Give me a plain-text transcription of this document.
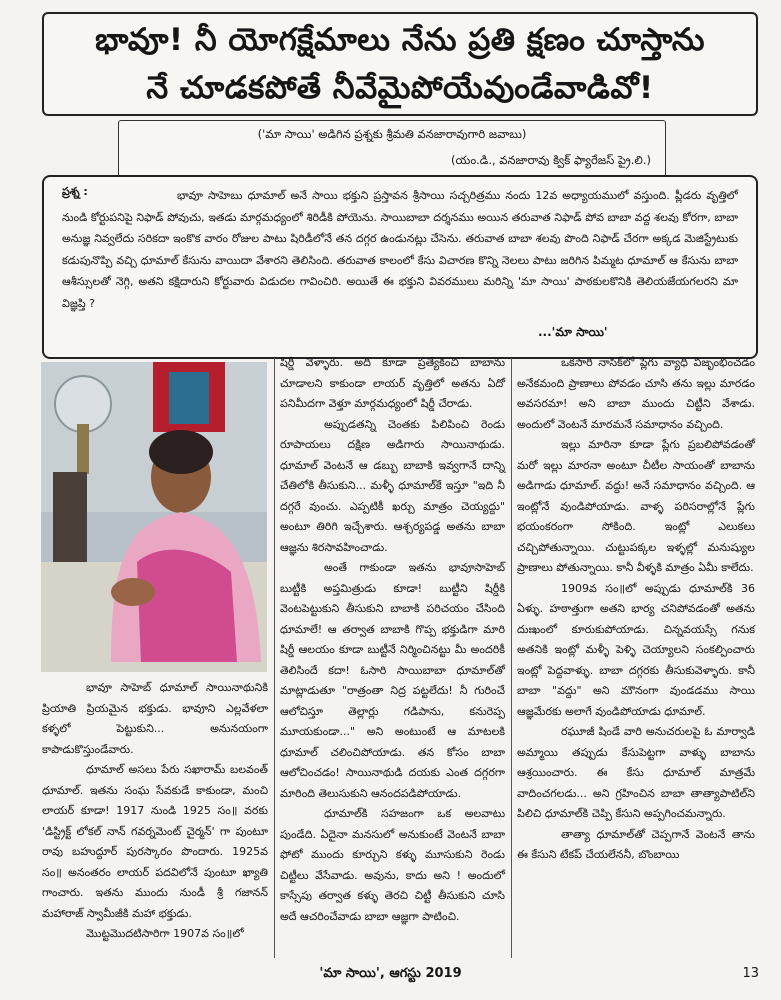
భావూ! నీ యోగక్షేమాలు నేను ప్రతి క్షణం చూస్తాను
నే చూడకపోతే నీవేమైపోయేవుండేవాడివో!
('మా సాయి' అడిగిన ప్రశ్నకు శ్రీమతి వనజారావుగారి జవాబు)
(యం.డి., వనజారావు క్విక్ ఫ్యారేజస్ ప్రై.లి.)
ప్రశ్న :	భావూ సాహెబు ధూమాల్ అనే సాయి భక్తుని ప్రస్తావన శ్రీసాయి సచ్చరిత్రము నందు 12వ అధ్యాయములో వస్తుంది. ప్లీడరు వృత్తిలో నుండి కోర్టుపనిపై నిఫాడ్ పోవుచు, ఇతడు మార్గమధ్యంలో శిరిడీకి పోయెను. సాయిబాబా దర్శనము అయిన తరువాత నిఫాడ్ పోవ బాబా వద్ద శలవు కోరగా, బాబా అనుజ్ఞ నివ్వలేదు సరికదా ఇంకొక వారం రోజుల పాటు షిరిడీలోనే తన దగ్గర ఉండునట్లు చేసెను. తరువాత బాబా శలవు పొంది నిఫాడ్ చేరగా అక్కడ మెజిస్ట్రేటుకు కడుపునొప్పి వచ్చి ధూమాల్ కేసును వాయిదా వేశారని తెలిసింది. తరువాత కాలంలో కేసు విచారణ కొన్ని నెలలు పాటు జరిగిన పిమ్మట ధూమాల్ ఆ కేసును బాబా ఆశీస్సులతో నెగ్గి, అతని కక్షిదారుని కోర్టువారు విడుదల గావించిరి. అయితే ఈ భక్తుని వివరములు మరిన్ని 'మా సాయి' పాఠకులకొనికి తెలియజేయగలరని మా విజ్ఞప్తి ?
...'మా సాయి'

భావూ సాహెబ్ ధూమాల్ సాయినాథునికి ప్రియాతి ప్రియమైన భక్తుడు. భావూని ఎల్లవేళలా కళ్ళలో పెట్టుకుని... అనునయంగా కాపాడుకొస్తుండేవారు.

ధూమాల్ అసలు పేరు సఖారామ్ బలవంత్ ధూమాల్. ఇతను సంఘ సేవకుడే కాకుండా, మంచి లాయర్ కూడా! 1917 నుండి 1925 సం॥ వరకు 'డిస్ట్రిక్ట్ లోకల్ నాన్ గవర్నమెంట్ చైర్మన్' గా పుంటూ రావు బహుద్దూర్ పురస్కారం పొందారు. 1925వ సం॥ అనంతరం లాయర్ పదవిలోనే పుంటూ ఖ్యాతి గాంచారు. ఇతను ముందు నుండీ శ్రీ గజానన్ మహారాజ్ స్వామీజీకి మహా భక్తుడు.

మొట్టమొదటిసారిగా 1907వ సం॥లో

షిర్డీ వెళ్ళారు. అది కూడా ప్రత్యేకించి బాబాను చూడాలని కాకుండా లాయర్ వృత్తిలో అతను ఏదో పనిమీదగా వెళ్తూ మార్గమధ్యంలో షిర్డీ చేరాడు.

అప్పుడతన్ని చెంతకు పిలిపించి రెండు రూపాయలు దక్షిణ అడిగారు సాయినాథుడు. ధూమాల్ వెంటనే ఆ డబ్బు బాబాకి ఇవ్వగానే దాన్ని చేతిలోకి తీసుకుని... మళ్ళీ ధూమాల్‌కే ఇస్తూ "ఇది నీ దగ్గరే వుంచు. ఎప్పటికీ ఖర్చు మాత్రం చెయ్యద్దు" అంటూ తిరిగి ఇచ్చేశారు. ఆశ్చర్యపడ్డ అతను బాబా ఆజ్ఞను శిరసావహించాడు.

అంతే గాకుండా ఇతను భావూసాహెబ్ బుట్టీకి అప్తమిత్రుడు కూడా! బుట్టీని షిర్డీకి వెంటపెట్టుకుని తీసుకుని బాబాకి పరిచయం చేసింది ధూమాలే! ఆ తర్వాత బాబాకి గొప్ప భక్తుడిగా మారి షిర్డీ ఆలయం కూడా బుట్టీనే నిర్మించినట్టు మీ అందరికీ తెలిసిందే కదా! ఓసారి సాయిబాబా ధూమాల్‌తో మాట్లాడుతూ "రాత్రంతా నిద్ర పట్టలేదు! నీ గురించే ఆలోచిస్తూ తెల్లార్లు గడిపాను, కనురెప్ప మూయకుండా..." అని అంటుంటే ఆ మాటలకి ధూమాల్ చలించిపోయాడు. తన కోసం బాబా ఆలోచించడం! సాయినాథుడి దయకు ఎంత దగ్గరగా మారింది తెలుసుకుని ఆనందపడిపోయాడు.

ధూమాల్‌కి సహజంగా ఒక అలవాటు పుండేది. ఏదైనా మనసులో అనుకుంటే వెంటనే బాబా ఫోటో ముందు కూర్చుని కళ్ళు మూసుకుని రెండు చిట్టీలు వేసేవాడు. అవును, కాదు అని ! అందులో కాస్సేపు తర్వాత కళ్ళు తెరచి చిట్టీ తీసుకుని చూసి అదే ఆచరించేవాడు బాబా ఆజ్ఞగా పాటించి.

ఒకసారి నాసిక్‌లో ప్లేగు వ్యాధి విజృంభించడం అనేకమంది ప్రాణాలు పోవడం చూసి తను ఇల్లు మారడం అవసరమా! అని బాబా ముందు చిట్టీని వేశాడు. అందులో వెంటనే మారమనే సమాధానం వచ్చింది.

ఇల్లు మారినా కూడా ప్లేగు ప్రబలిపోవడంతో మరో ఇల్లు మారనా అంటూ చీటీల సాయంతో బాబాను అడిగాడు ధూమాల్. వద్దు! అనే సమాధానం వచ్చింది. ఆ ఇంట్లోనే వుండిపోయాడు. వాళ్ళ పరిసరాల్లోనే ప్లేగు భయంకరంగా సోకింది. ఇంట్లో ఎలుకలు చచ్చిపోతున్నాయి. చుట్టుపక్కల ఇళ్ళల్లో మనుష్యుల ప్రాణాలు పోతున్నాయి. కానీ వీళ్ళకి మాత్రం ఏమీ కాలేదు.

1909వ సం॥లో అప్పుడు ధూమాల్‌కి 36 ఏళ్ళు. హఠాత్తుగా అతని భార్య చనిపోవడంతో అతను దుఃఖంలో కూరుకుపోయాడు. చిన్నవయస్సే గనుక అతనికి ఇంట్లో మళ్ళీ పెళ్ళి చెయ్యాలని సంకల్పించారు ఇంట్లో పెద్దవాళ్ళు. బాబా దగ్గరకు తీసుకువెళ్ళారు. కానీ బాబా "వద్దు" అని మౌనంగా వుండడము సాయి ఆజ్ఞమేరకు అలాగే వుండిపోయాడు ధూమాల్.

రఘూజీ షిండే వారి అనుచరులపై ఓ మార్వాడి అమ్మాయి తప్పుడు కేసుపెట్టగా వాళ్ళు బాబాను ఆశ్రయించారు. ఈ కేసు ధూమాల్ మాత్రమే వాదించగలడు... అని గ్రహించిన బాబా తాత్యాపాటిల్‌ని పిలిచి ధూమాల్‌కి చెప్పి కేసుని అప్పగించమన్నారు.

తాత్యా ధూమాల్‌తో చెప్పగానే వెంటనే తాను ఈ కేసుని టేకప్ చేయలేననీ, బొంబాయి

'మా సాయి', ఆగస్టు 2019	13
